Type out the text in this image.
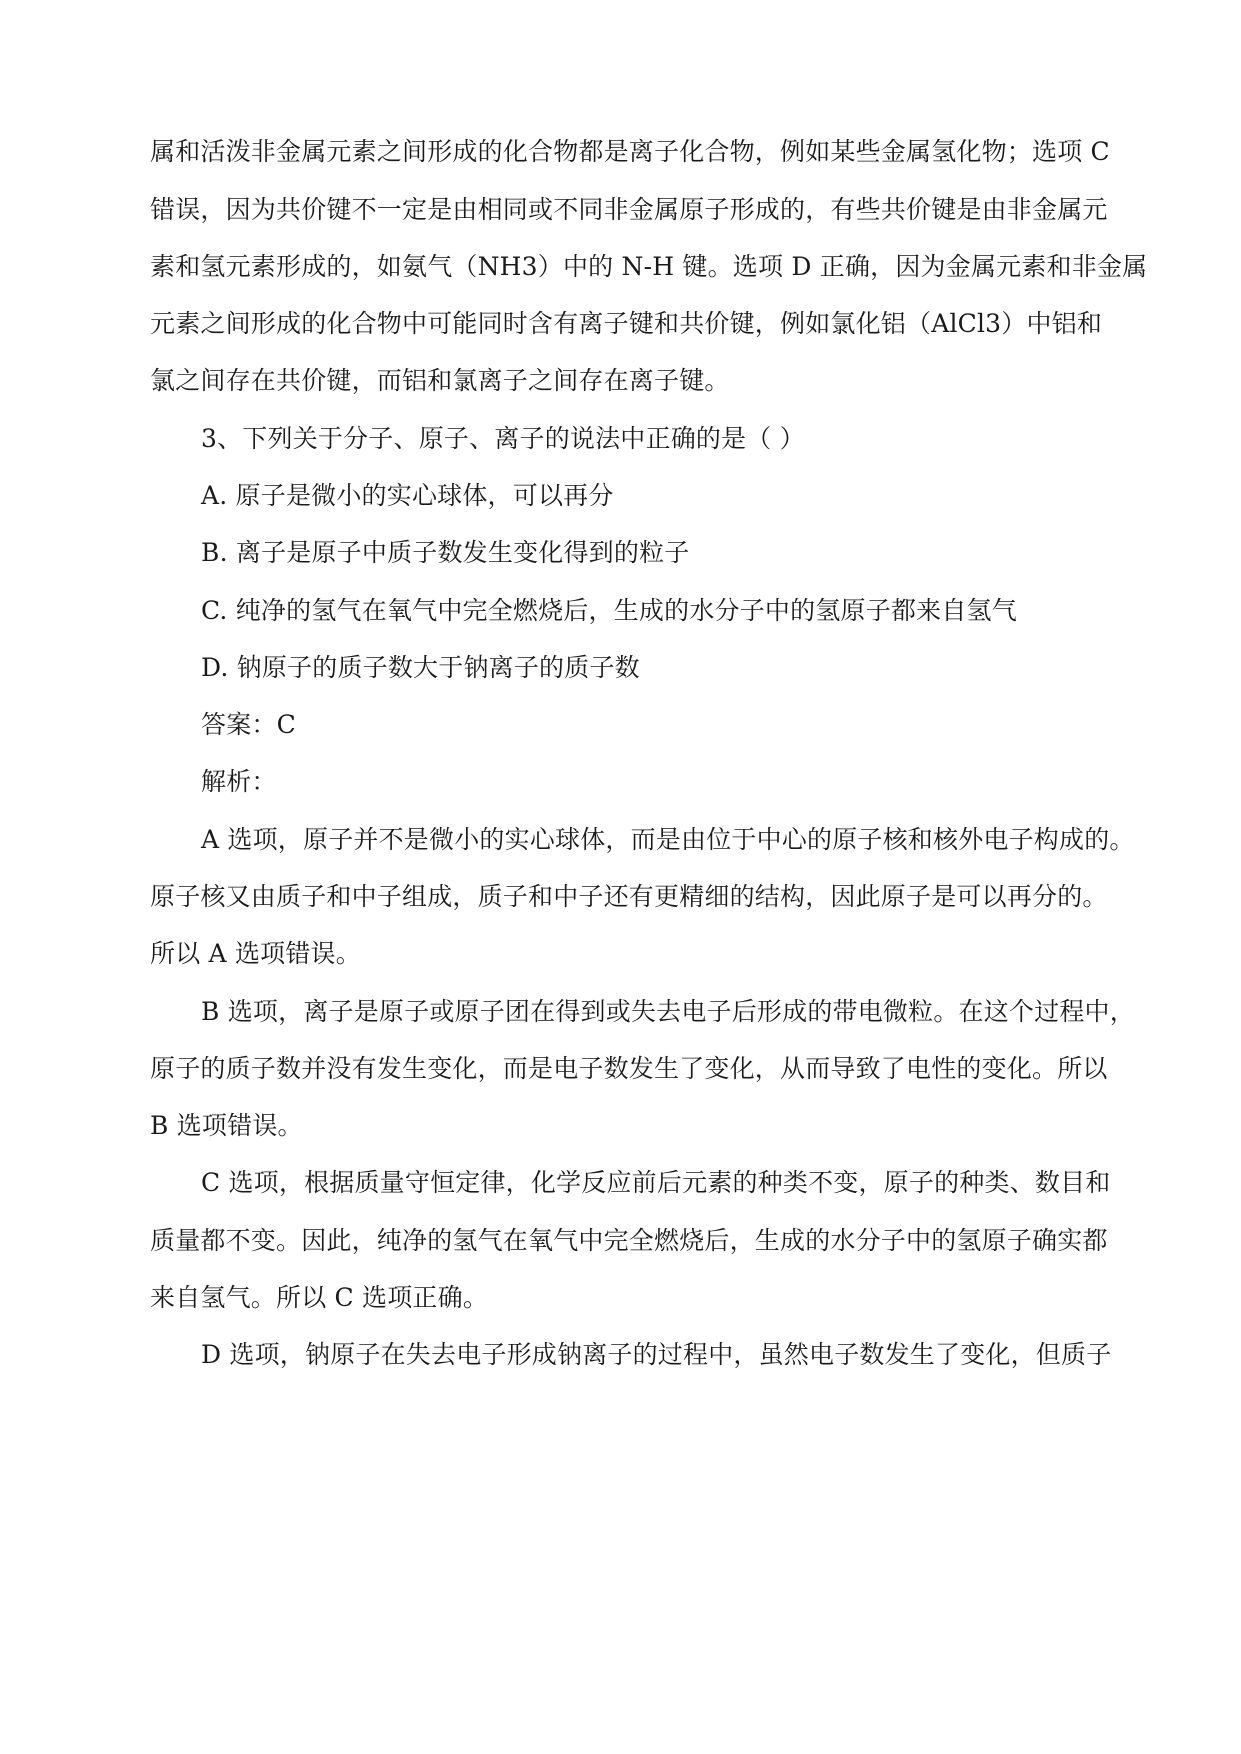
属和活泼非金属元素之间形成的化合物都是离子化合物，例如某些金属氢化物；选项 C
错误，因为共价键不一定是由相同或不同非金属原子形成的，有些共价键是由非金属元
素和氢元素形成的，如氨气（NH3）中的 N-H 键。选项 D 正确，因为金属元素和非金属
元素之间形成的化合物中可能同时含有离子键和共价键，例如氯化铝（AlCl3）中铝和
氯之间存在共价键，而铝和氯离子之间存在离子键。
3、下列关于分子、原子、离子的说法中正确的是（ ）
A. 原子是微小的实心球体，可以再分
B. 离子是原子中质子数发生变化得到的粒子
C. 纯净的氢气在氧气中完全燃烧后，生成的水分子中的氢原子都来自氢气
D. 钠原子的质子数大于钠离子的质子数
答案：C
解析：
A 选项，原子并不是微小的实心球体，而是由位于中心的原子核和核外电子构成的。
原子核又由质子和中子组成，质子和中子还有更精细的结构，因此原子是可以再分的。
所以 A 选项错误。
B 选项，离子是原子或原子团在得到或失去电子后形成的带电微粒。在这个过程中，
原子的质子数并没有发生变化，而是电子数发生了变化，从而导致了电性的变化。所以
B 选项错误。
C 选项，根据质量守恒定律，化学反应前后元素的种类不变，原子的种类、数目和
质量都不变。因此，纯净的氢气在氧气中完全燃烧后，生成的水分子中的氢原子确实都
来自氢气。所以 C 选项正确。
D 选项，钠原子在失去电子形成钠离子的过程中，虽然电子数发生了变化，但质子
